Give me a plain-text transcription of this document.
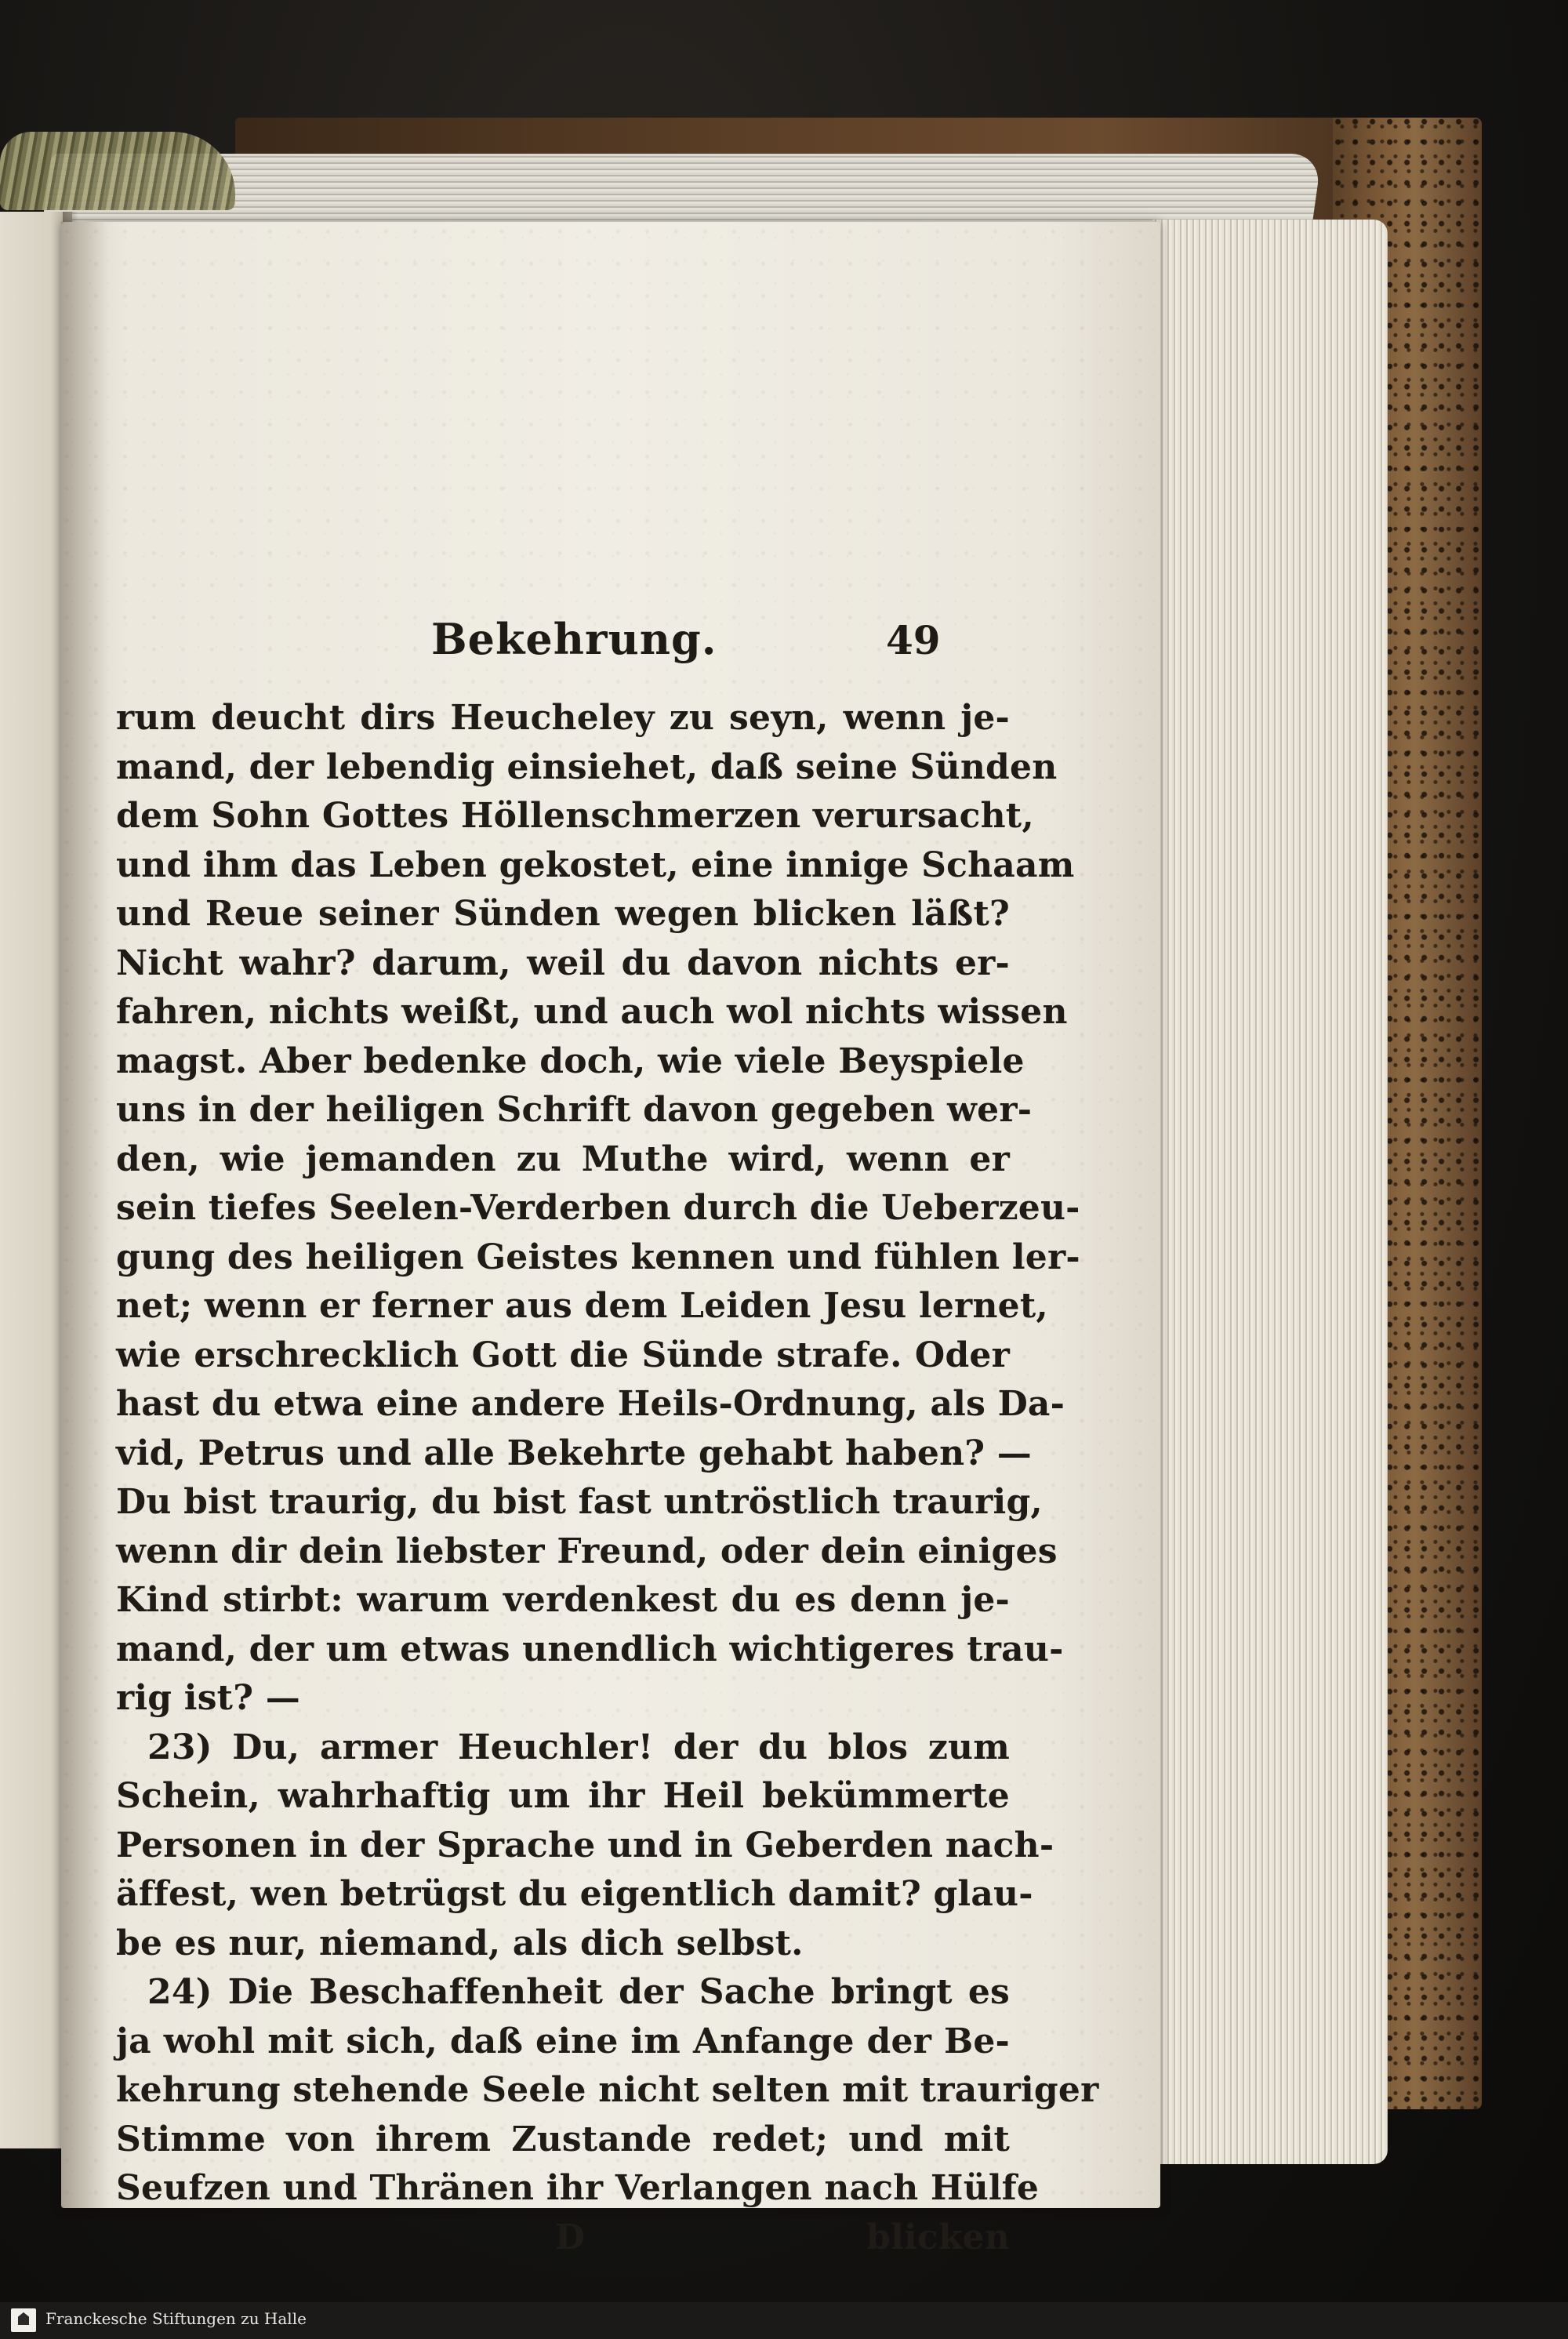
Bekehrung.	49
rum deucht dirs Heucheley zu seyn, wenn je-
mand, der lebendig einsiehet, daß seine Sünden
dem Sohn Gottes Höllenschmerzen verursacht,
und ihm das Leben gekostet, eine innige Schaam
und Reue seiner Sünden wegen blicken läßt?
Nicht wahr? darum, weil du davon nichts er-
fahren, nichts weißt, und auch wol nichts wissen
magst. Aber bedenke doch, wie viele Beyspiele
uns in der heiligen Schrift davon gegeben wer-
den, wie jemanden zu Muthe wird, wenn er
sein tiefes Seelen-Verderben durch die Ueberzeu-
gung des heiligen Geistes kennen und fühlen ler-
net; wenn er ferner aus dem Leiden Jesu lernet,
wie erschrecklich Gott die Sünde strafe. Oder
hast du etwa eine andere Heils-Ordnung, als Da-
vid, Petrus und alle Bekehrte gehabt haben? —
Du bist traurig, du bist fast untröstlich traurig,
wenn dir dein liebster Freund, oder dein einiges
Kind stirbt: warum verdenkest du es denn je-
mand, der um etwas unendlich wichtigeres trau-
rig ist? —
23) Du, armer Heuchler! der du blos zum
Schein, wahrhaftig um ihr Heil bekümmerte
Personen in der Sprache und in Geberden nach-
äffest, wen betrügst du eigentlich damit? glau-
be es nur, niemand, als dich selbst.
24) Die Beschaffenheit der Sache bringt es
ja wohl mit sich, daß eine im Anfange der Be-
kehrung stehende Seele nicht selten mit trauriger
Stimme von ihrem Zustande redet; und mit
Seufzen und Thränen ihr Verlangen nach Hülfe
D	blicken
Franckesche Stiftungen zu Halle
